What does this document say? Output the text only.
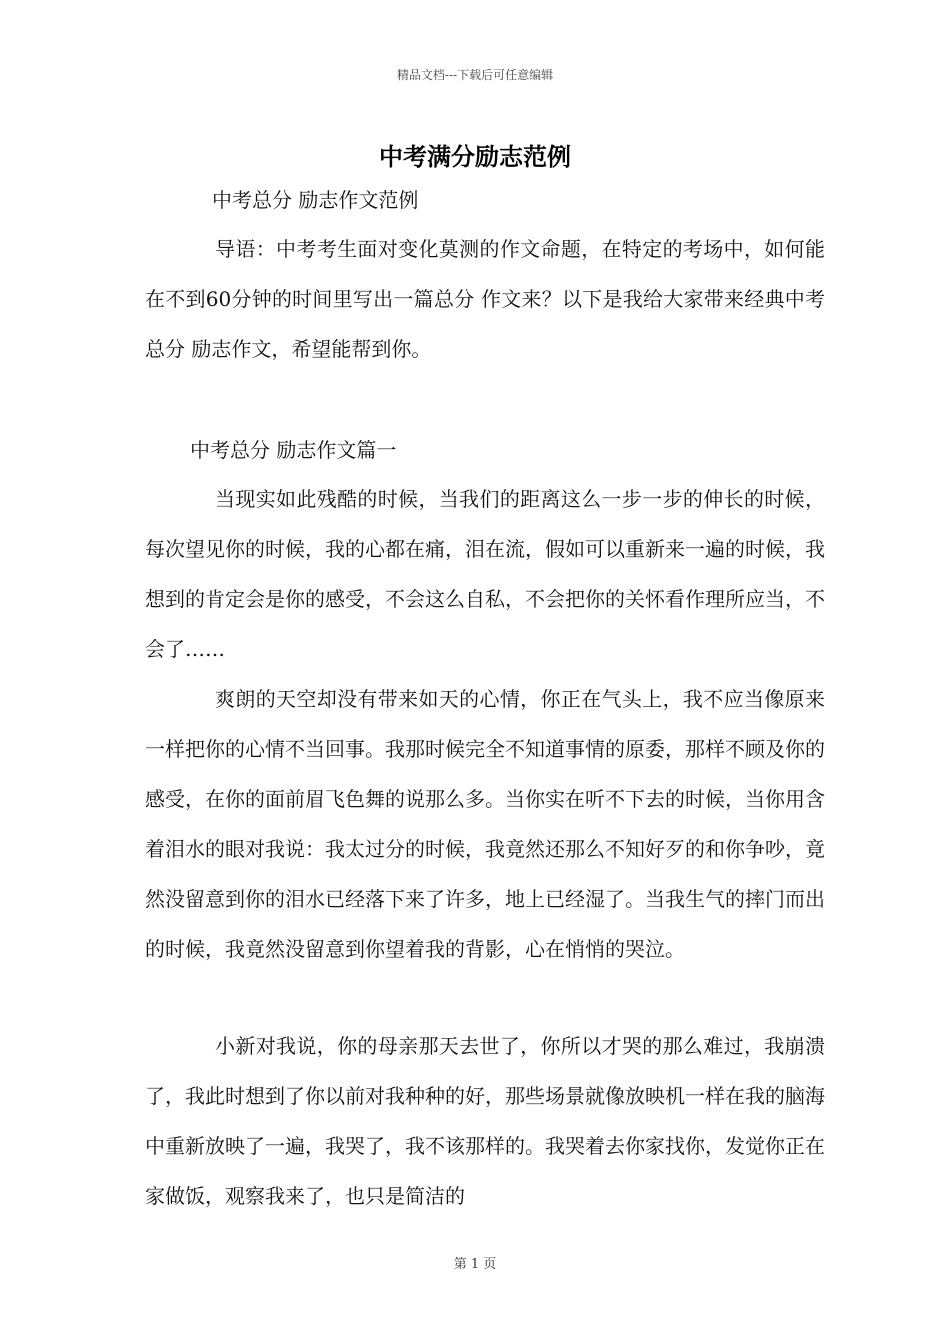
精品文档---下载后可任意编辑
中考满分励志范例
中考总分 励志作文范例
导语：中考考生面对变化莫测的作文命题，在特定的考场中，如何能在不到60分钟的时间里写出一篇总分 作文来？以下是我给大家带来经典中考总分 励志作文，希望能帮到你。
中考总分 励志作文篇一
当现实如此残酷的时候，当我们的距离这么一步一步的伸长的时候，每次望见你的时候，我的心都在痛，泪在流，假如可以重新来一遍的时候，我想到的肯定会是你的感受，不会这么自私，不会把你的关怀看作理所应当，不会了……
爽朗的天空却没有带来如天的心情，你正在气头上，我不应当像原来一样把你的心情不当回事。我那时候完全不知道事情的原委，那样不顾及你的感受，在你的面前眉飞色舞的说那么多。当你实在听不下去的时候，当你用含着泪水的眼对我说：我太过分的时候，我竟然还那么不知好歹的和你争吵，竟然没留意到你的泪水已经落下来了许多，地上已经湿了。当我生气的摔门而出的时候，我竟然没留意到你望着我的背影，心在悄悄的哭泣。
小新对我说，你的母亲那天去世了，你所以才哭的那么难过，我崩溃了，我此时想到了你以前对我种种的好，那些场景就像放映机一样在我的脑海中重新放映了一遍，我哭了，我不该那样的。我哭着去你家找你，发觉你正在家做饭，观察我来了，也只是简洁的
第 1 页
